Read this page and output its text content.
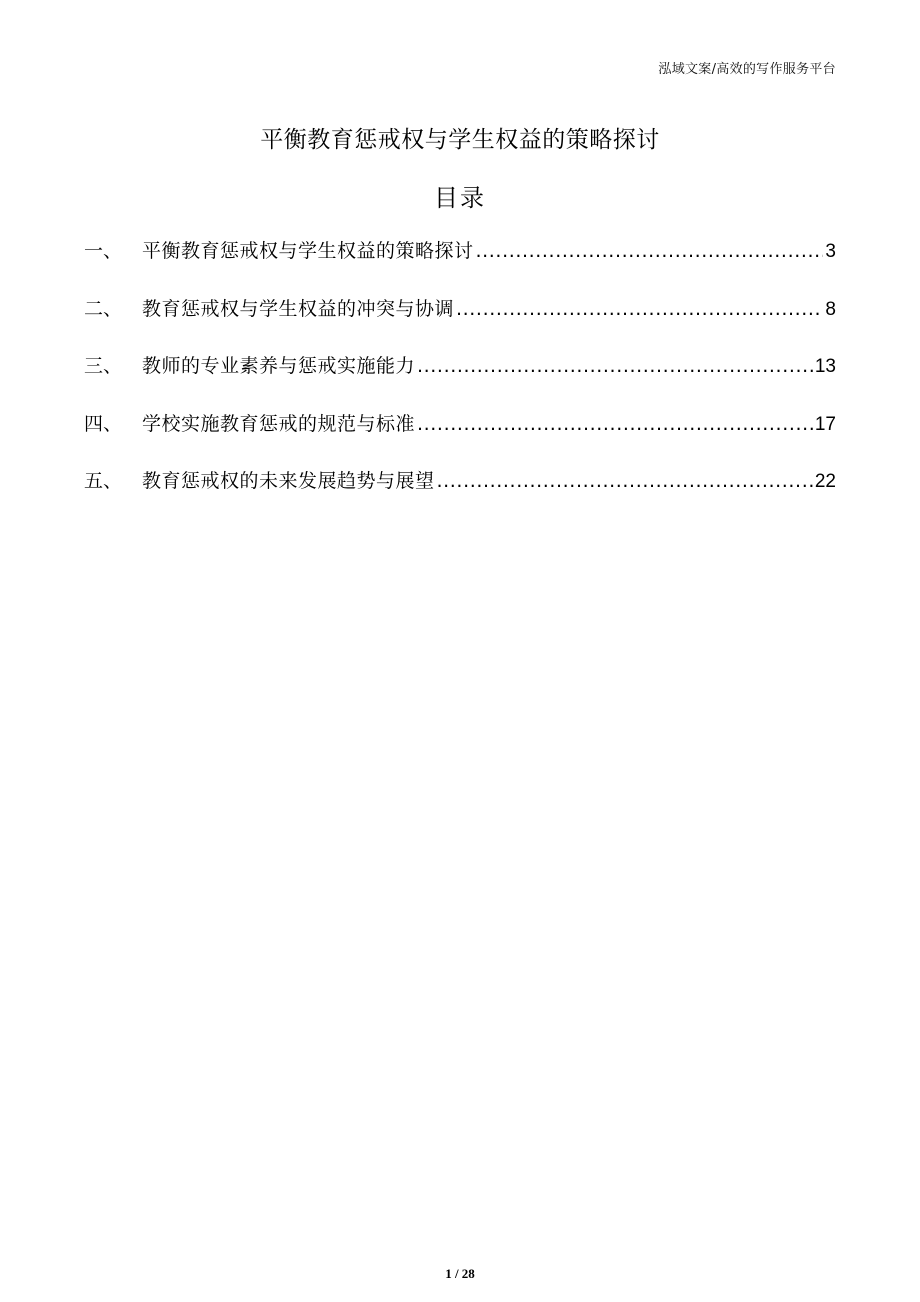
泓域文案/高效的写作服务平台
平衡教育惩戒权与学生权益的策略探讨
目录
一、	平衡教育惩戒权与学生权益的策略探讨 .....	3
二、	教育惩戒权与学生权益的冲突与协调 .....	8
三、	教师的专业素养与惩戒实施能力 .....	13
四、	学校实施教育惩戒的规范与标准 .....	17
五、	教育惩戒权的未来发展趋势与展望 .....	22
1 / 28
